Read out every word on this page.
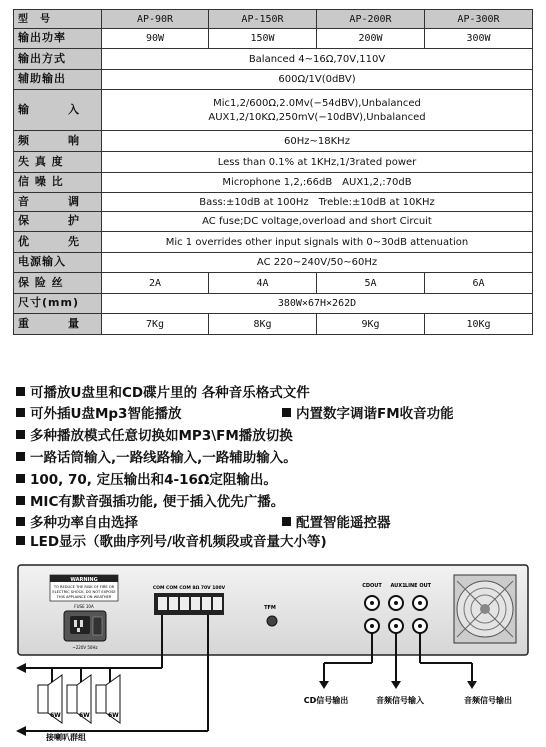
型　号	AP-90R	AP-150R	AP-200R	AP-300R
输出功率	90W	150W	200W	300W
输出方式	Balanced 4~16Ω,70V,110V			
辅助输出	600Ω/1V(0dBV)			
输　入	Mic1,2/600Ω,2.0Mv(−54dBV),Unbalanced
AUX1,2/10KΩ,250mV(−10dBV),Unbalanced			

频　响	60Hz~18KHz			
失 真 度	Less than 0.1% at 1KHz,1/3rated power			
信 噪 比	Microphone 1,2,:66dB　AUX1,2,:70dB			
音　调	Bass:±10dB at 100Hz　Treble:±10dB at 10KHz			
保　护	AC fuse;DC voltage,overload and short Circuit			
优　先	Mic 1 overrides other input signals with 0~30dB attenuation			
电源输入	AC 220~240V/50~60Hz			
保 险 丝	2A	4A	5A	6A
尺寸(mm)	380W×67H×262D			
重　量	7Kg	8Kg	9Kg	10Kg
可播放U盘里和CD碟片里的 各种音乐格式文件
可外插U盘Mp3智能播放	内置数字调谐FM收音功能
多种播放模式任意切换如MP3\FM播放切换
一路话筒输入,一路线路输入,一路辅助输入。
100, 70, 定压输出和4-16Ω定阻输出。
MIC有默音强插功能, 便于插入优先广播。
多种功率自由选择	配置智能遥控器
LED显示（歌曲序列号/收音机频段或音量大小等)
WARNING
TO REDUCE THE RISK OF FIRE OR
ELECTRIC SHOCK, DO NOT EXPOSE
THIS APPLIANCE ON WEATHER
FUSE 10A
~220V 50Hz
COM COM COM 8Ω 70V 100V
TFM
CDOUT AUX1 LINE OUT
6W	6W	6W
接喇叭群组
CD信号输出	音频信号输入	音频信号输出
